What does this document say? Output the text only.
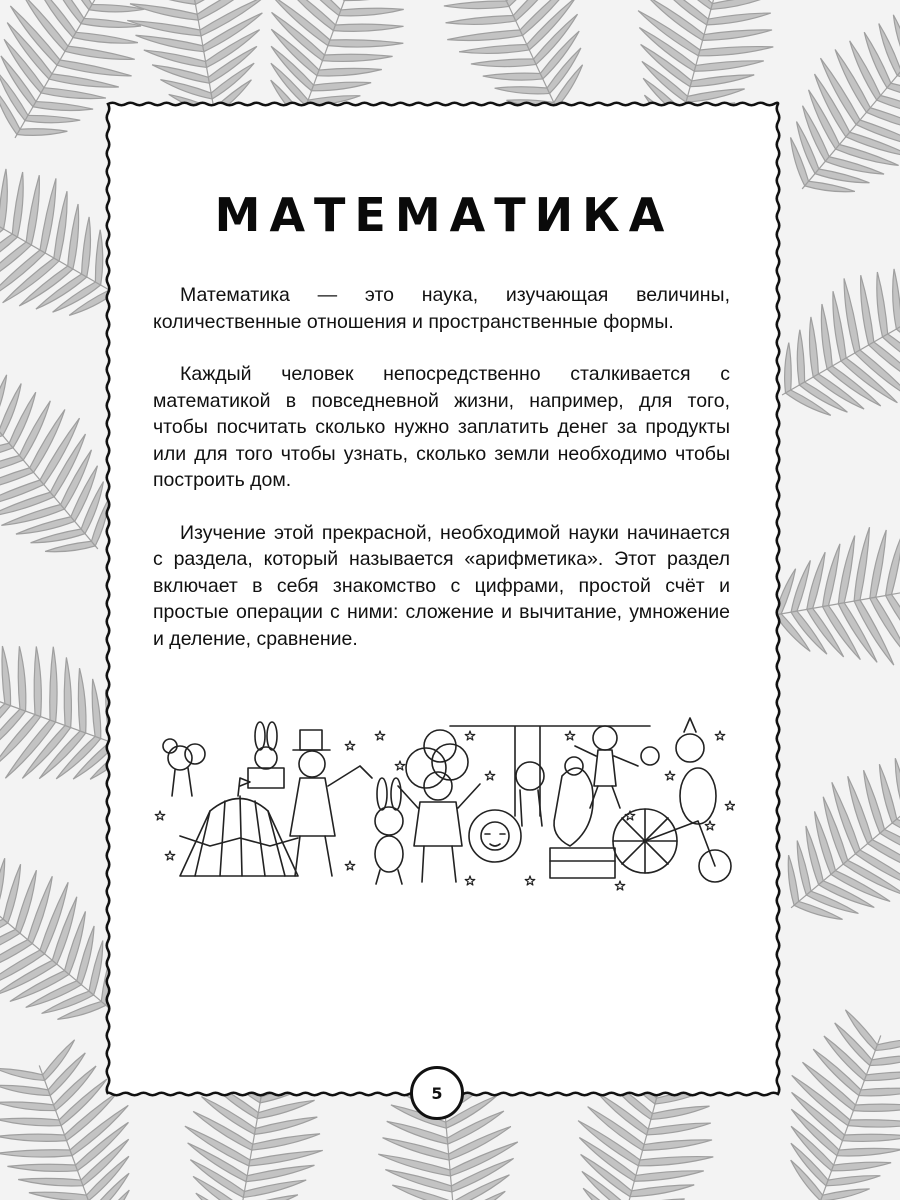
МАТЕМАТИКА

Математика — это наука, изучающая величины, количественные отношения и пространственные формы.

Каждый человек непосредственно сталкивается с математикой в повседневной жизни, например, для того, чтобы посчитать сколько нужно заплатить денег за продукты или для того чтобы узнать, сколько земли необходимо чтобы построить дом.

Изучение этой прекрасной, необходимой науки начинается с раздела, который называется «арифметика». Этот раздел включает в себя знакомство с цифрами, простой счёт и простые операции с ними: сложение и вычитание, умножение и деление, сравнение.

5
